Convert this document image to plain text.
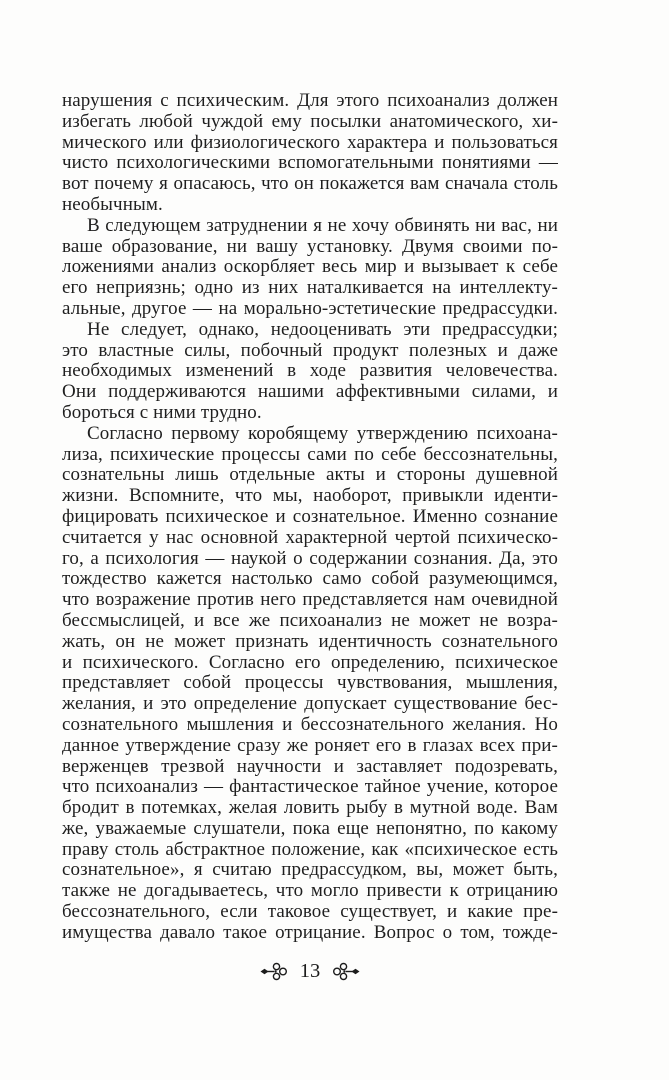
нарушения с психическим. Для этого психоанализ должен
избегать любой чуждой ему посылки анатомического, хи-
мического или физиологического характера и пользоваться
чисто психологическими вспомогательными понятиями —
вот почему я опасаюсь, что он покажется вам сначала столь
необычным.
В следующем затруднении я не хочу обвинять ни вас, ни
ваше образование, ни вашу установку. Двумя своими по-
ложениями анализ оскорбляет весь мир и вызывает к себе
его неприязнь; одно из них наталкивается на интеллекту-
альные, другое — на морально-эстетические предрассудки.
Не следует, однако, недооценивать эти предрассудки;
это властные силы, побочный продукт полезных и даже
необходимых изменений в ходе развития человечества.
Они поддерживаются нашими аффективными силами, и
бороться с ними трудно.
Согласно первому коробящему утверждению психоана-
лиза, психические процессы сами по себе бессознательны,
сознательны лишь отдельные акты и стороны душевной
жизни. Вспомните, что мы, наоборот, привыкли иденти-
фицировать психическое и сознательное. Именно сознание
считается у нас основной характерной чертой психическо-
го, а психология — наукой о содержании сознания. Да, это
тождество кажется настолько само собой разумеющимся,
что возражение против него представляется нам очевидной
бессмыслицей, и все же психоанализ не может не возра-
жать, он не может признать идентичность сознательного
и психического. Согласно его определению, психическое
представляет собой процессы чувствования, мышления,
желания, и это определение допускает существование бес-
сознательного мышления и бессознательного желания. Но
данное утверждение сразу же роняет его в глазах всех при-
верженцев трезвой научности и заставляет подозревать,
что психоанализ — фантастическое тайное учение, которое
бродит в потемках, желая ловить рыбу в мутной воде. Вам
же, уважаемые слушатели, пока еще непонятно, по какому
праву столь абстрактное положение, как «психическое есть
сознательное», я считаю предрассудком, вы, может быть,
также не догадываетесь, что могло привести к отрицанию
бессознательного, если таковое существует, и какие пре-
имущества давало такое отрицание. Вопрос о том, тожде-
13
